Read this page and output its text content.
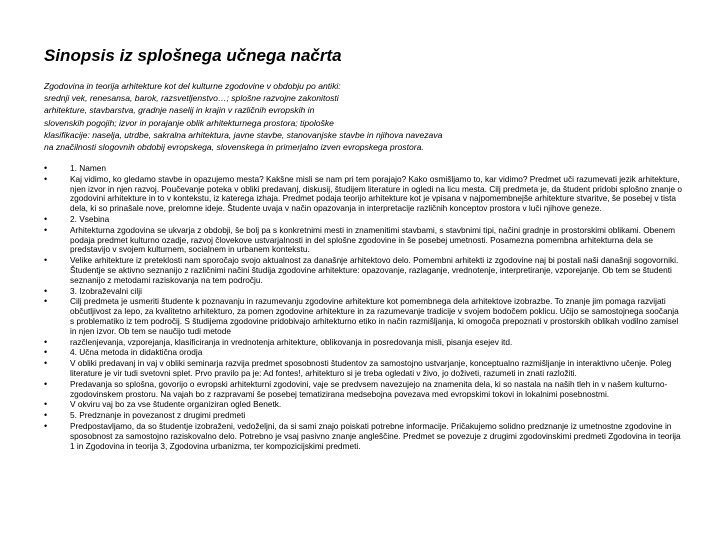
Sinopsis iz splošnega učnega načrta

Zgodovina in teorija arhitekture kot del kulturne zgodovine v obdobju po antiki:

srednji vek, renesansa, barok, razsvetljenstvo…; splošne razvojne zakonitosti

arhitekture, stavbarstva, gradnje naselij in krajin v različnih evropskih in

slovenskih pogojih; izvor in porajanje oblik arhitekturnega prostora; tipološke

klasifikacije: naselja, utrdbe, sakralna arhitektura, javne stavbe, stanovanjske stavbe in njihova navezava

na značilnosti slogovnih obdobij evropskega, slovenskega in primerjalno izven evropskega prostora.

•	1. Namen
•	Kaj vidimo, ko gledamo stavbe in opazujemo mesta? Kakšne misli se nam pri tem porajajo? Kako osmišljamo to, kar vidimo? Predmet uči razumevati jezik arhitekture, njen izvor in njen razvoj. Poučevanje poteka v obliki predavanj, diskusij, študijem literature in ogledi na licu mesta. Cilj predmeta je, da študent pridobi splošno znanje o zgodovini arhitekture in to v kontekstu, iz katerega izhaja. Predmet podaja teorijo arhitekture kot je vpisana v najpomembnejše arhitekture stvaritve, še posebej v tista dela, ki so prinašale nove, prelomne ideje. Študente uvaja v način opazovanja in interpretacije različnih konceptov prostora v luči njihove geneze.
•	2. Vsebina
•	Arhitekturna zgodovina se ukvarja z obdobji, še bolj pa s konkretnimi mesti in znamenitimi stavbami, s stavbnimi tipi, načini gradnje in prostorskimi oblikami. Obenem podaja predmet kulturno ozadje, razvoj človekove ustvarjalnosti in del splošne zgodovine in še posebej umetnosti. Posamezna pomembna arhitekturna dela se predstavijo v svojem kulturnem, socialnem in urbanem kontekstu.
•	Velike arhitekture iz preteklosti nam sporočajo svojo aktualnost za današnje arhitektovo delo. Pomembni arhitekti iz zgodovine naj bi postali naši današnji sogovorniki. Študentje se aktivno seznanijo z različnimi načini študija zgodovine arhitekture: opazovanje, razlaganje, vrednotenje, interpretiranje, vzporejanje. Ob tem se študenti seznanijo z metodami raziskovanja na tem področju.
•	3. Izobraževalni cilji
•	Cilj predmeta je usmeriti študente k poznavanju in razumevanju zgodovine arhitekture kot pomembnega dela arhitektove izobrazbe. To znanje jim pomaga razvijati občutljivost za lepo, za kvalitetno arhitekturo, za pomen zgodovine arhitekture in za razumevanje tradicije v svojem bodočem poklicu. Učijo se samostojnega soočanja s problematiko iz tem področij. S študijema zgodovine pridobivajo arhitekturno etiko in način razmišljanja, ki omogoča prepoznati v prostorskih oblikah vodilno zamisel in njen izvor. Ob tem se naučijo tudi metode
•	razčlenjevanja, vzporejanja, klasificiranja in vrednotenja arhitekture, oblikovanja in posredovanja misli, pisanja esejev itd.
•	4. Učna metoda in didaktična orodja
•	V obliki predavanj in vaj v obliki seminarja razvija predmet sposobnosti študentov za samostojno ustvarjanje, konceptualno razmišljanje in interaktivno učenje. Poleg literature je vir tudi svetovni splet. Prvo pravilo pa je: Ad fontes!, arhitekturo si je treba ogledati v živo, jo doživeti, razumeti in znati razložiti.
•	Predavanja so splošna, govorijo o evropski arhitekturni zgodovini, vaje se predvsem navezujejo na znamenita dela, ki so nastala na naših tleh in v našem kulturno-zgodovinskem prostoru. Na vajah bo z razpravami še posebej tematizirana medsebojna povezava med evropskimi tokovi in lokalnimi posebnostmi.
•	V okviru vaj bo za vse študente organiziran ogled Benetk.
•	5. Predznanje in povezanost z drugimi predmeti
•	Predpostavljamo, da so študentje izobraženi, vedoželjni, da si sami znajo poiskati potrebne informacije. Pričakujemo solidno predznanje iz umetnostne zgodovine in sposobnost za samostojno raziskovalno delo. Potrebno je vsaj pasivno znanje angleščine. Predmet se povezuje z drugimi zgodovinskimi predmeti Zgodovina in teorija 1 in Zgodovina in teorija 3, Zgodovina urbanizma, ter kompozicijskimi predmeti.
